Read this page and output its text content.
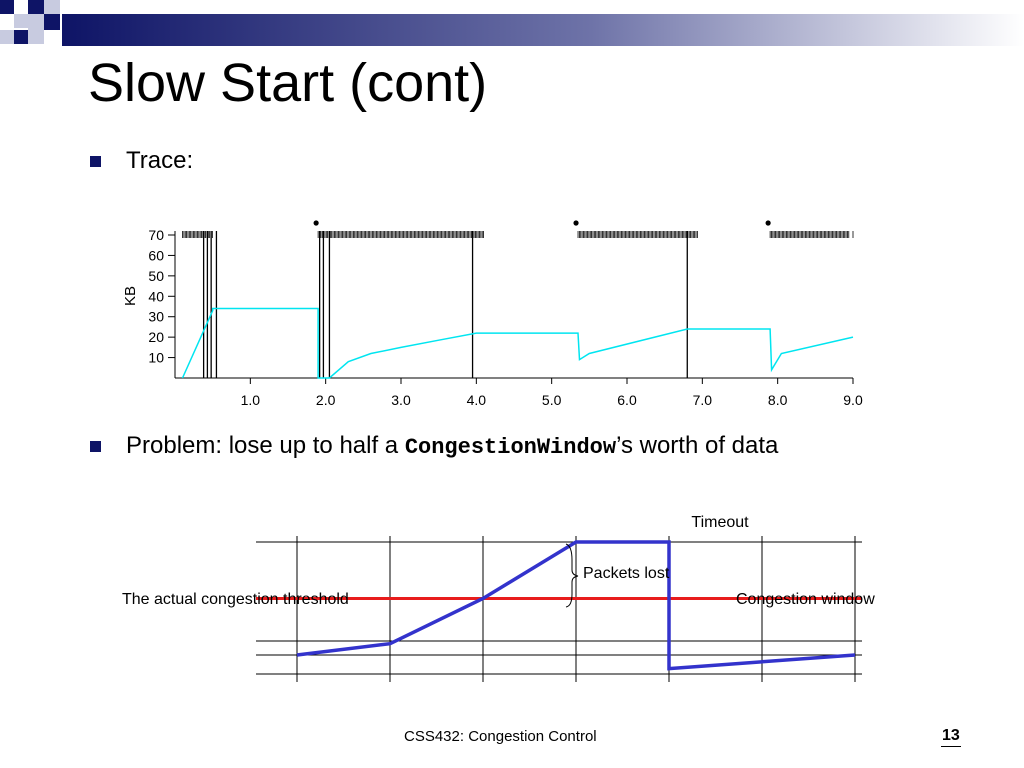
Slow Start (cont)
Trace:
10
20
30
40
50
60
70
1.0	2.0	3.0	4.0	5.0	6.0	7.0	8.0	9.0
KB
Problem: lose up to half a CongestionWindow’s worth of data
Timeout
Packets lost
The actual congestion threshold	Congestion window
CSS432: Congestion Control	13
